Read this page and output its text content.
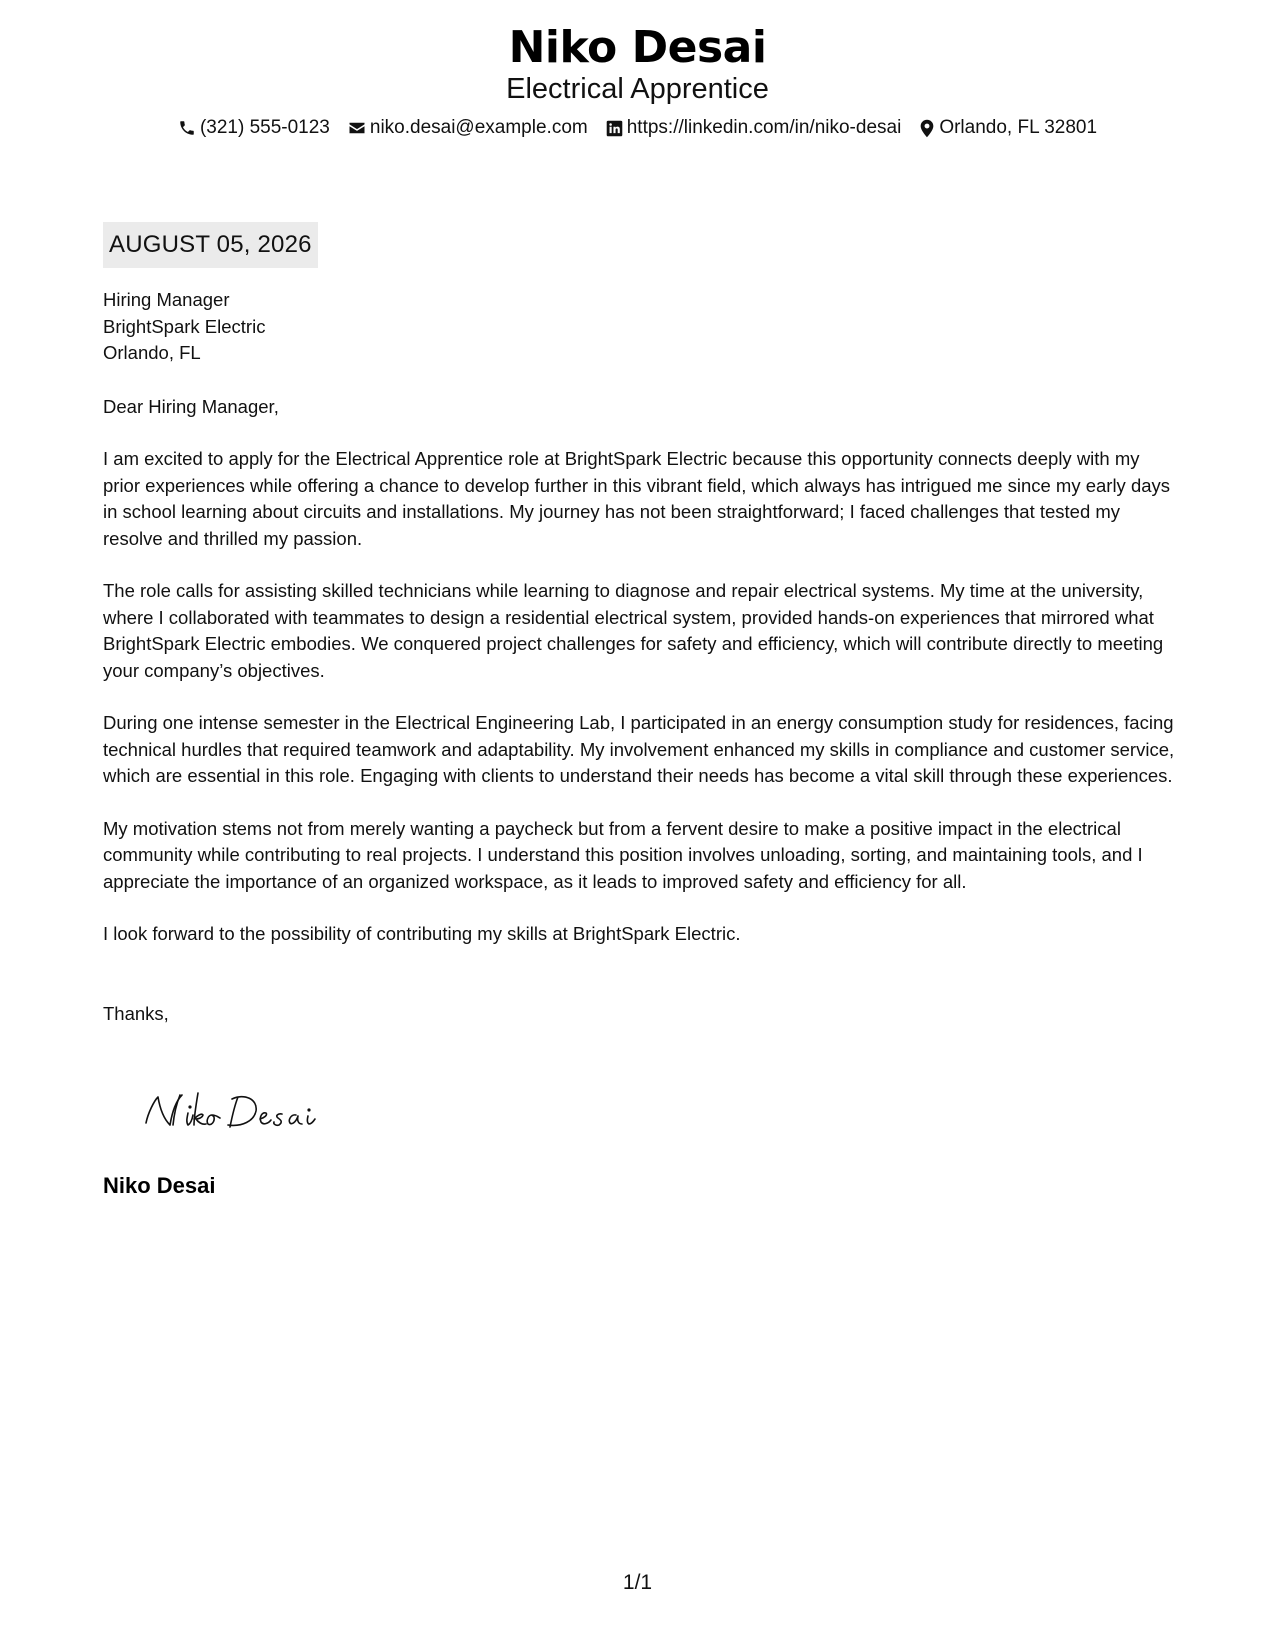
Niko Desai
Electrical Apprentice
(321) 555-0123 niko.desai@example.com https://linkedin.com/in/niko-desai Orlando, FL 32801
AUGUST 05, 2026
Hiring Manager
BrightSpark Electric
Orlando, FL
Dear Hiring Manager,
I am excited to apply for the Electrical Apprentice role at BrightSpark Electric because this opportunity connects deeply with my prior experiences while offering a chance to develop further in this vibrant field, which always has intrigued me since my early days in school learning about circuits and installations. My journey has not been straightforward; I faced challenges that tested my resolve and thrilled my passion.
The role calls for assisting skilled technicians while learning to diagnose and repair electrical systems. My time at the university, where I collaborated with teammates to design a residential electrical system, provided hands-on experiences that mirrored what BrightSpark Electric embodies. We conquered project challenges for safety and efficiency, which will contribute directly to meeting your company’s objectives.
During one intense semester in the Electrical Engineering Lab, I participated in an energy consumption study for residences, facing technical hurdles that required teamwork and adaptability. My involvement enhanced my skills in compliance and customer service, which are essential in this role. Engaging with clients to understand their needs has become a vital skill through these experiences.
My motivation stems not from merely wanting a paycheck but from a fervent desire to make a positive impact in the electrical community while contributing to real projects. I understand this position involves unloading, sorting, and maintaining tools, and I appreciate the importance of an organized workspace, as it leads to improved safety and efficiency for all.
I look forward to the possibility of contributing my skills at BrightSpark Electric.
Thanks,
Niko Desai
1/1
